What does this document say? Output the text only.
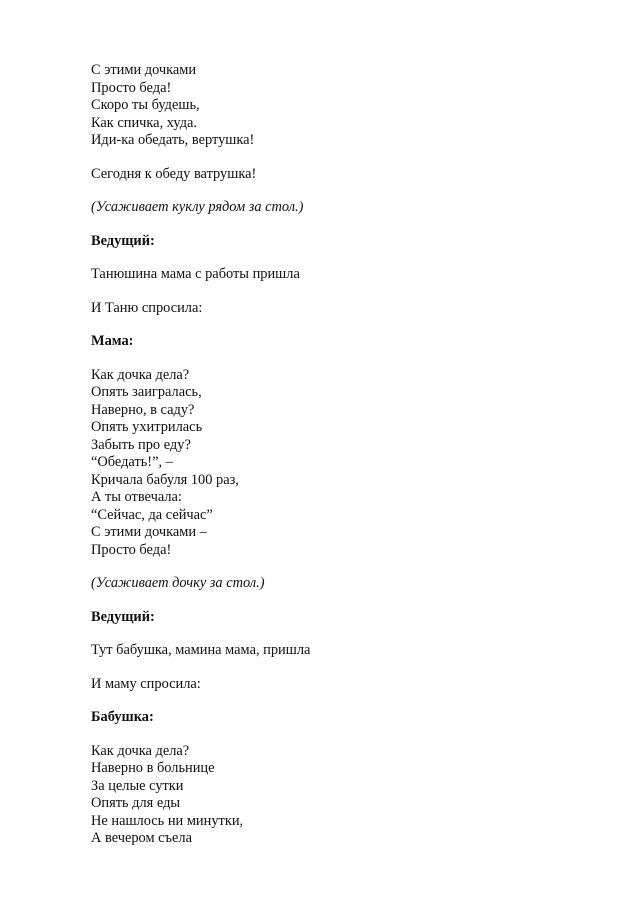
С этими дочками
Просто беда!
Скоро ты будешь,
Как спичка, худа.
Иди-ка обедать, вертушка!
Сегодня к обеду ватрушка!
(Усаживает куклу рядом за стол.)
Ведущий:
Танюшина мама с работы пришла
И Таню спросила:
Мама:
Как дочка дела?
Опять заигралась,
Наверно, в саду?
Опять ухитрилась
Забыть про еду?
“Обедать!”, –
Кричала бабуля 100 раз,
А ты отвечала:
“Сейчас, да сейчас”
С этими дочками –
Просто беда!
(Усаживает дочку за стол.)
Ведущий:
Тут бабушка, мамина мама, пришла
И маму спросила:
Бабушка:
Как дочка дела?
Наверно в больнице
За целые сутки
Опять для еды
Не нашлось ни минутки,
А вечером съела
